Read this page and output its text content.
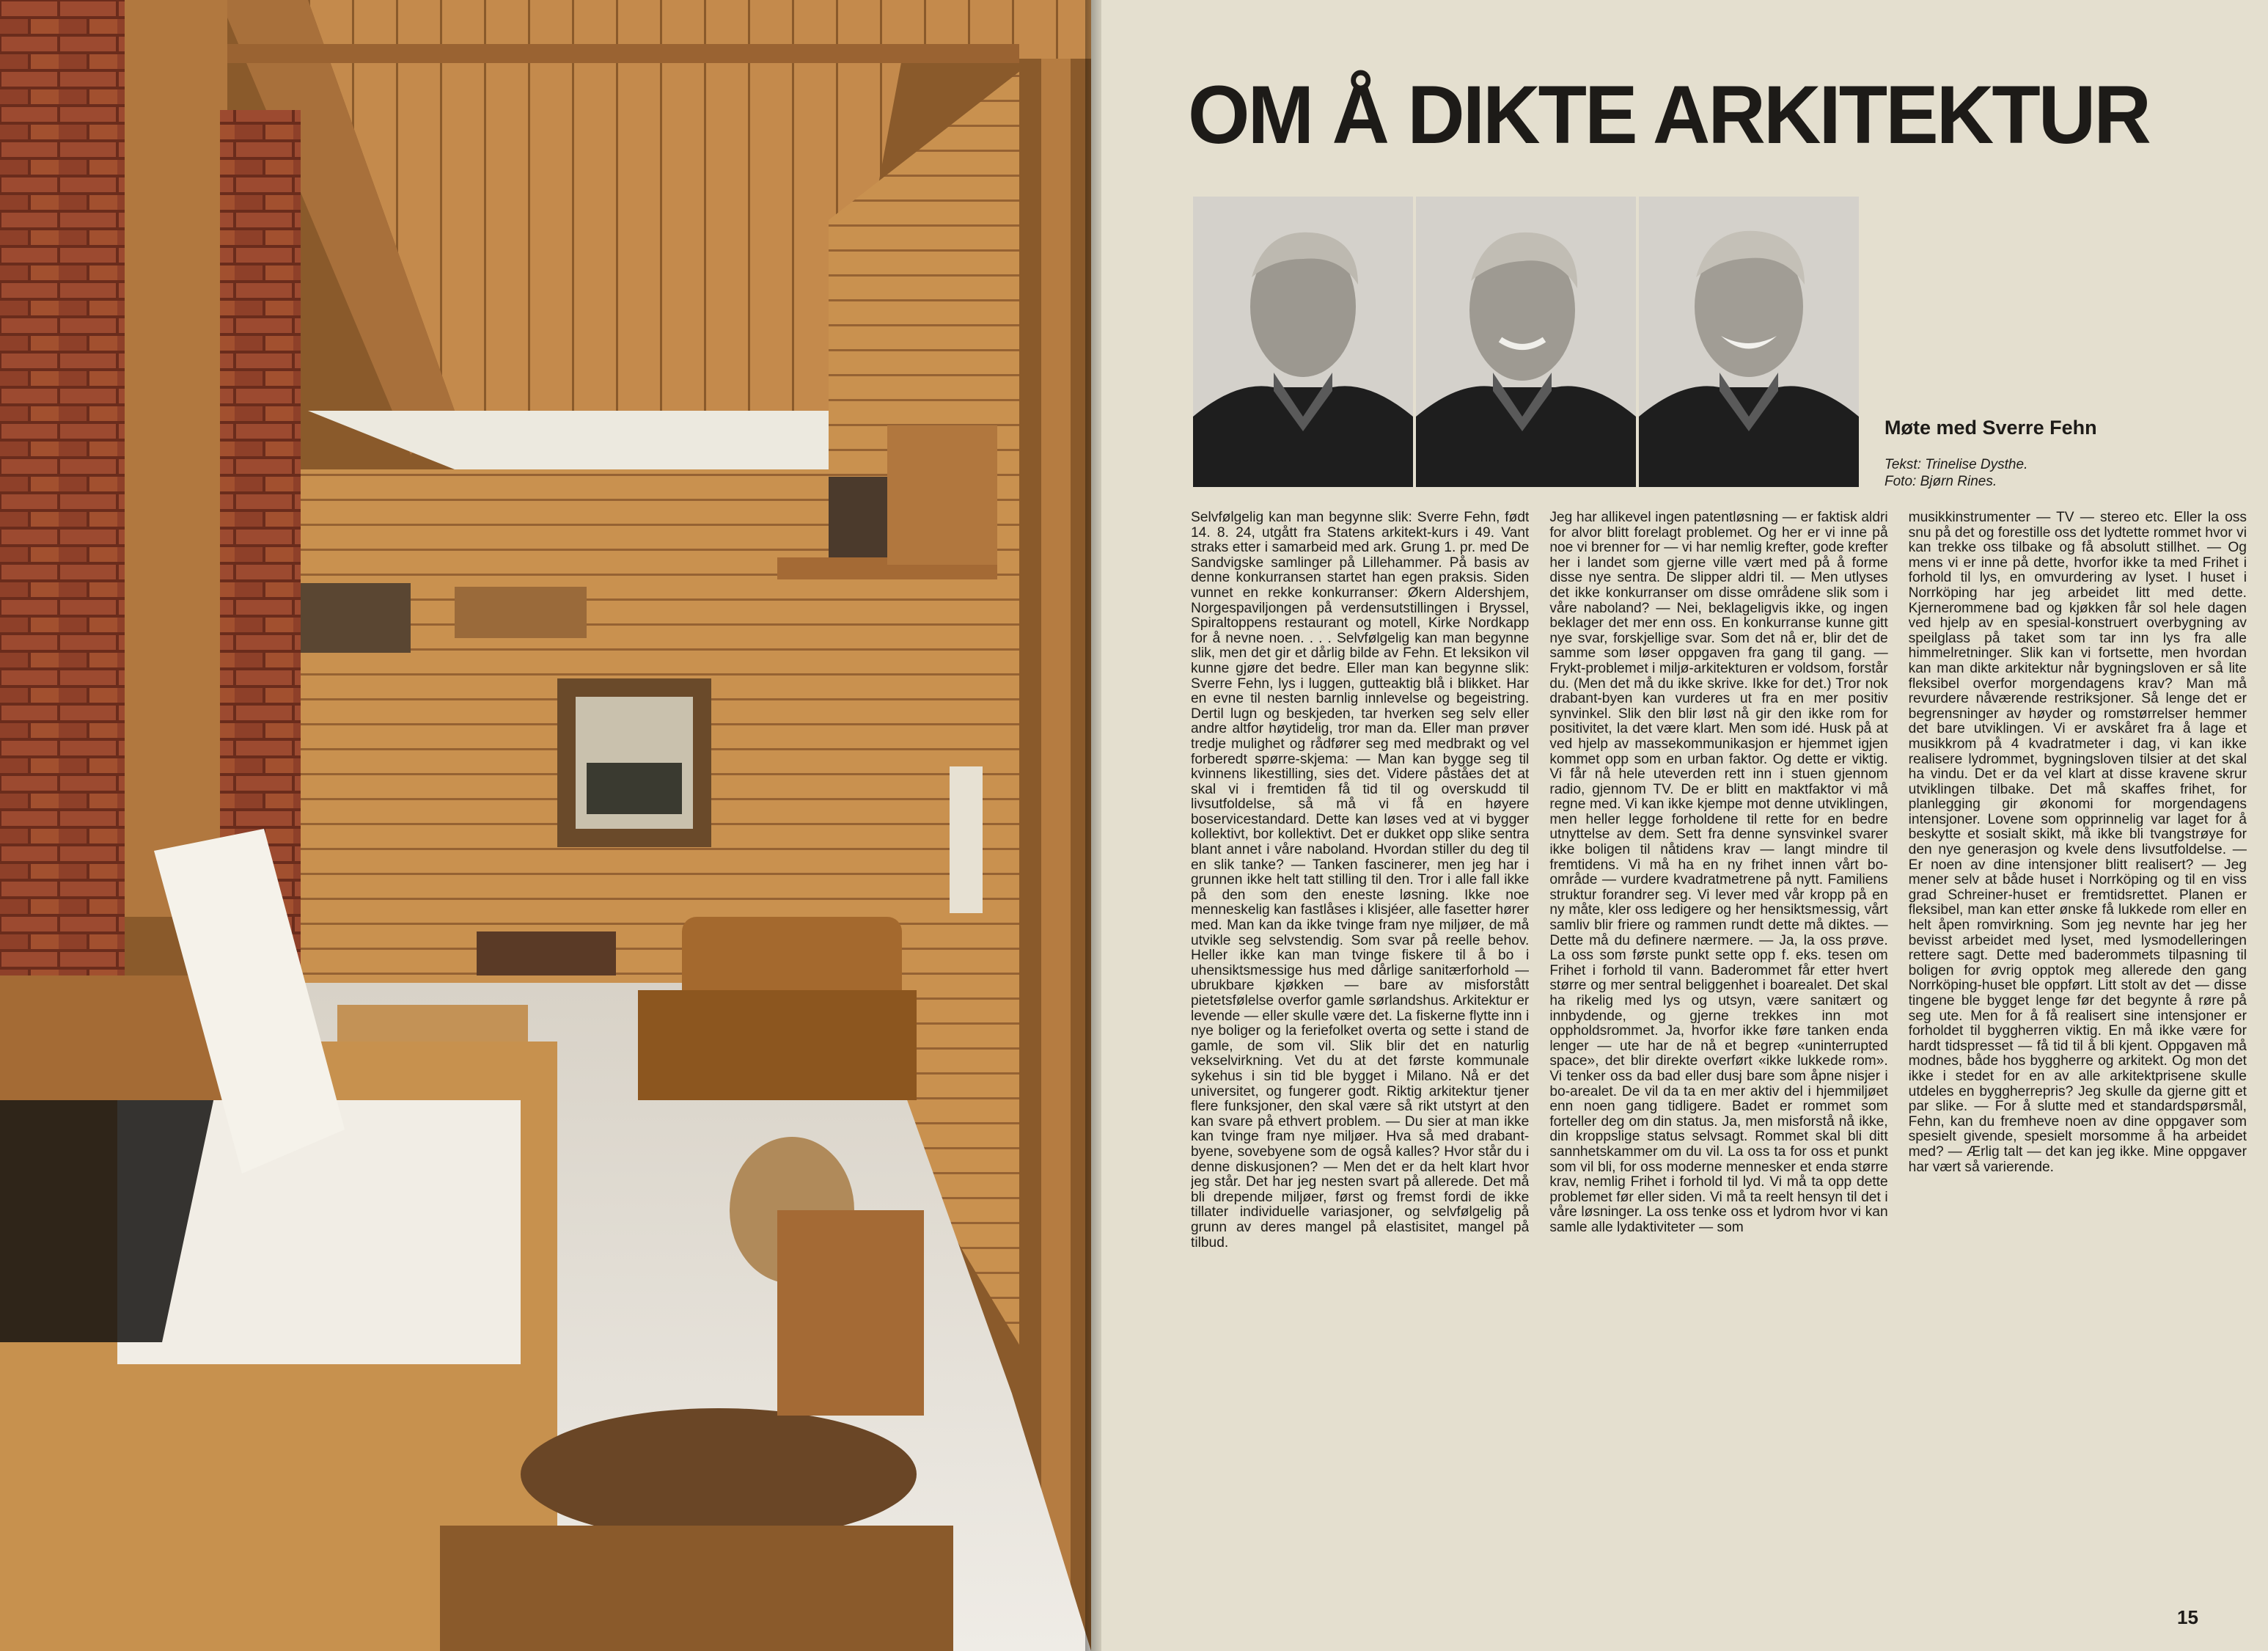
OM Å DIKTE ARKITEKTUR
Møte med Sverre Fehn
Tekst: Trinelise Dysthe.
Foto: Bjørn Rines.

Selvfølgelig kan man begynne slik: Sverre Fehn, født 14. 8. 24, utgått fra Statens arkitekt-kurs i 49. Vant straks etter i samarbeid med ark. Grung 1. pr. med De Sandvigske samlinger på Lillehammer. På basis av denne konkurransen startet han egen praksis. Siden vunnet en rekke konkurranser: Økern Aldershjem, Norgespaviljongen på verdensutstillingen i Bryssel, Spiraltoppens restaurant og motell, Kirke Nordkapp for å nevne noen. . . . Selvfølgelig kan man begynne slik, men det gir et dårlig bilde av Fehn. Et leksikon vil kunne gjøre det bedre. Eller man kan begynne slik: Sverre Fehn, lys i luggen, gutteaktig blå i blikket. Har en evne til nesten barnlig innlevelse og begeistring. Dertil lugn og beskjeden, tar hverken seg selv eller andre altfor høytidelig, tror man da. Eller man prøver tredje mulighet og rådfører seg med medbrakt og vel forberedt spørre-skjema: — Man kan bygge seg til kvinnens likestilling, sies det. Videre påståes det at skal vi i fremtiden få tid til og overskudd til livsutfoldelse, så må vi få en høyere boservicestandard. Dette kan løses ved at vi bygger kollektivt, bor kollektivt. Det er dukket opp slike sentra blant annet i våre naboland. Hvordan stiller du deg til en slik tanke? — Tanken fascinerer, men jeg har i grunnen ikke helt tatt stilling til den. Tror i alle fall ikke på den som den eneste løsning. Ikke noe menneskelig kan fastlåses i klisjéer, alle fasetter hører med. Man kan da ikke tvinge fram nye miljøer, de må utvikle seg selvstendig. Som svar på reelle behov. Heller ikke kan man tvinge fiskere til å bo i uhensiktsmessige hus med dårlige sanitærforhold — ubrukbare kjøkken — bare av misforstått pietetsfølelse overfor gamle sørlandshus. Arkitektur er levende — eller skulle være det. La fiskerne flytte inn i nye boliger og la feriefolket overta og sette i stand de gamle, de som vil. Slik blir det en naturlig vekselvirkning. Vet du at det første kommunale sykehus i sin tid ble bygget i Milano. Nå er det universitet, og fungerer godt. Riktig arkitektur tjener flere funksjoner, den skal være så rikt utstyrt at den kan svare på ethvert problem. — Du sier at man ikke kan tvinge fram nye miljøer. Hva så med drabant-byene, sovebyene som de også kalles? Hvor står du i denne diskusjonen? — Men det er da helt klart hvor jeg står. Det har jeg nesten svart på allerede. Det må bli drepende miljøer, først og fremst fordi de ikke tillater individuelle variasjoner, og selvfølgelig på grunn av deres mangel på elastisitet, mangel på tilbud.

Jeg har allikevel ingen patentløsning — er faktisk aldri for alvor blitt forelagt problemet. Og her er vi inne på noe vi brenner for — vi har nemlig krefter, gode krefter her i landet som gjerne ville vært med på å forme disse nye sentra. De slipper aldri til. — Men utlyses det ikke konkurranser om disse områdene slik som i våre naboland? — Nei, beklageligvis ikke, og ingen beklager det mer enn oss. En konkurranse kunne gitt nye svar, forskjellige svar. Som det nå er, blir det de samme som løser oppgaven fra gang til gang. — Frykt-problemet i miljø-arkitekturen er voldsom, forstår du. (Men det må du ikke skrive. Ikke for det.) Tror nok drabant-byen kan vurderes ut fra en mer positiv synvinkel. Slik den blir løst nå gir den ikke rom for positivitet, la det være klart. Men som idé. Husk på at ved hjelp av massekommunikasjon er hjemmet igjen kommet opp som en urban faktor. Og dette er viktig. Vi får nå hele uteverden rett inn i stuen gjennom radio, gjennom TV. De er blitt en maktfaktor vi må regne med. Vi kan ikke kjempe mot denne utviklingen, men heller legge forholdene til rette for en bedre utnyttelse av dem. Sett fra denne synsvinkel svarer ikke boligen til nåtidens krav — langt mindre til fremtidens. Vi må ha en ny frihet innen vårt bo-område — vurdere kvadratmetrene på nytt. Familiens struktur forandrer seg. Vi lever med vår kropp på en ny måte, kler oss ledigere og her hensiktsmessig, vårt samliv blir friere og rammen rundt dette må diktes. — Dette må du definere nærmere. — Ja, la oss prøve. La oss som første punkt sette opp f. eks. tesen om Frihet i forhold til vann. Baderommet får etter hvert større og mer sentral beliggenhet i boarealet. Det skal ha rikelig med lys og utsyn, være sanitært og innbydende, og gjerne trekkes inn mot oppholdsrommet. Ja, hvorfor ikke føre tanken enda lenger — ute har de nå et begrep «uninterrupted space», det blir direkte overført «ikke lukkede rom». Vi tenker oss da bad eller dusj bare som åpne nisjer i bo-arealet. De vil da ta en mer aktiv del i hjemmiljøet enn noen gang tidligere. Badet er rommet som forteller deg om din status. Ja, men misforstå nå ikke, din kroppslige status selvsagt. Rommet skal bli ditt sannhetskammer om du vil. La oss ta for oss et punkt som vil bli, for oss moderne mennesker et enda større krav, nemlig Frihet i forhold til lyd. Vi må ta opp dette problemet før eller siden. Vi må ta reelt hensyn til det i våre løsninger. La oss tenke oss et lydrom hvor vi kan samle alle lydaktiviteter — som

musikkinstrumenter — TV — stereo etc. Eller la oss snu på det og forestille oss det lydtette rommet hvor vi kan trekke oss tilbake og få absolutt stillhet. — Og mens vi er inne på dette, hvorfor ikke ta med Frihet i forhold til lys, en omvurdering av lyset. I huset i Norrköping har jeg arbeidet litt med dette. Kjernerommene bad og kjøkken får sol hele dagen ved hjelp av en spesial-konstruert overbygning av speilglass på taket som tar inn lys fra alle himmelretninger. Slik kan vi fortsette, men hvordan kan man dikte arkitektur når bygningsloven er så lite fleksibel overfor morgendagens krav? Man må revurdere nåværende restriksjoner. Så lenge det er begrensninger av høyder og romstørrelser hemmer det bare utviklingen. Vi er avskåret fra å lage et musikkrom på 4 kvadratmeter i dag, vi kan ikke realisere lydrommet, bygningsloven tilsier at det skal ha vindu. Det er da vel klart at disse kravene skrur utviklingen tilbake. Det må skaffes frihet, for planlegging gir økonomi for morgendagens intensjoner. Lovene som opprinnelig var laget for å beskytte et sosialt skikt, må ikke bli tvangstrøye for den nye generasjon og kvele dens livsutfoldelse. — Er noen av dine intensjoner blitt realisert? — Jeg mener selv at både huset i Norrköping og til en viss grad Schreiner-huset er fremtidsrettet. Planen er fleksibel, man kan etter ønske få lukkede rom eller en helt åpen romvirkning. Som jeg nevnte har jeg her bevisst arbeidet med lyset, med lysmodelleringen rettere sagt. Dette med baderommets tilpasning til boligen for øvrig opptok meg allerede den gang Norrköping-huset ble oppført. Litt stolt av det — disse tingene ble bygget lenge før det begynte å røre på seg ute. Men for å få realisert sine intensjoner er forholdet til byggherren viktig. En må ikke være for hardt tidspresset — få tid til å bli kjent. Oppgaven må modnes, både hos byggherre og arkitekt. Og mon det ikke i stedet for en av alle arkitektprisene skulle utdeles en byggherrepris? Jeg skulle da gjerne gitt et par slike. — For å slutte med et standardspørsmål, Fehn, kan du fremheve noen av dine oppgaver som spesielt givende, spesielt morsomme å ha arbeidet med? — Ærlig talt — det kan jeg ikke. Mine oppgaver har vært så varierende.

15
